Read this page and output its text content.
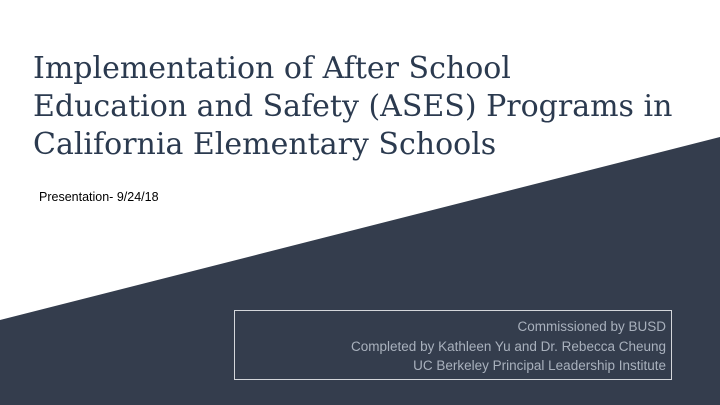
Implementation of After School
Education and Safety (ASES) Programs in
California Elementary Schools
Presentation- 9/24/18
Commissioned by BUSD
Completed by Kathleen Yu and Dr. Rebecca Cheung
UC Berkeley Principal Leadership Institute
